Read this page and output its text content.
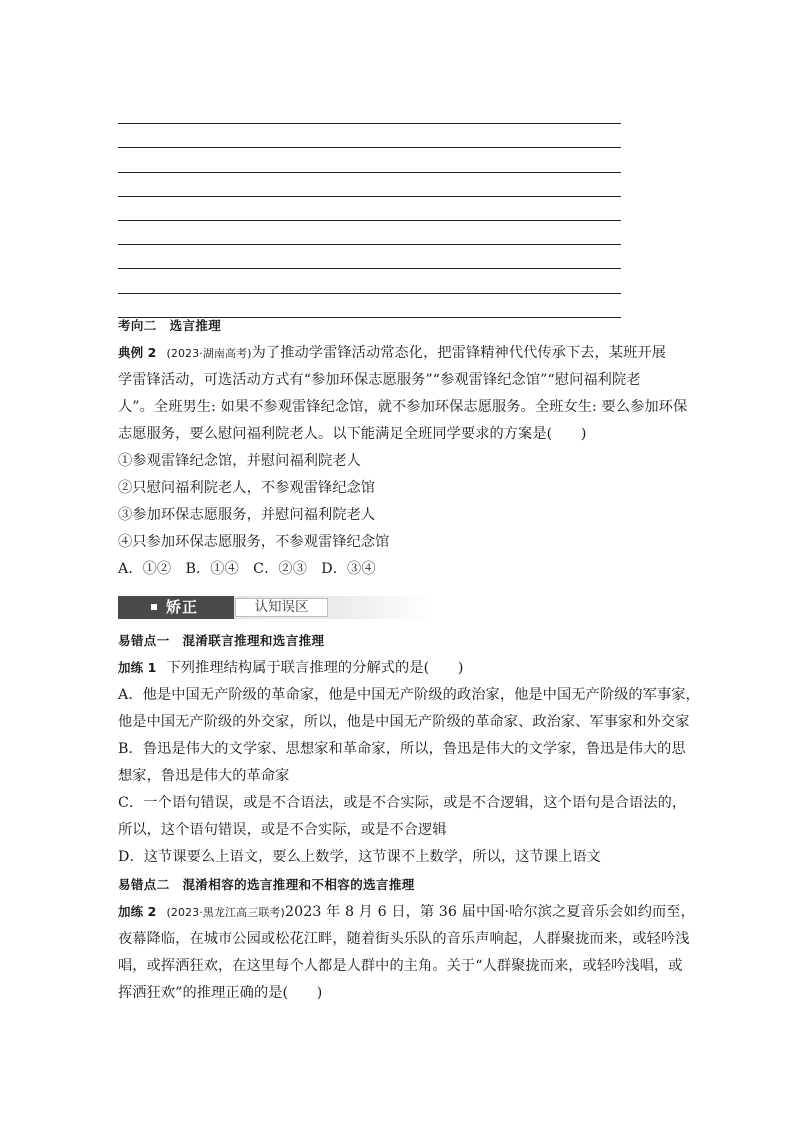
考向二　选言推理
典例 2 (2023·湖南高考)为了推动学雷锋活动常态化，把雷锋精神代代传承下去，某班开展
学雷锋活动，可选活动方式有“参加环保志愿服务”“参观雷锋纪念馆”“慰问福利院老
人”。全班男生: 如果不参观雷锋纪念馆，就不参加环保志愿服务。全班女生: 要么参加环保
志愿服务，要么慰问福利院老人。以下能满足全班同学要求的方案是(　　)
①参观雷锋纪念馆，并慰问福利院老人
②只慰问福利院老人，不参观雷锋纪念馆
③参加环保志愿服务，并慰问福利院老人
④只参加环保志愿服务，不参观雷锋纪念馆
A．①②　B．①④　C．②③　D．③④
矫正	认知误区
易错点一　混淆联言推理和选言推理
加练 1 下列推理结构属于联言推理的分解式的是(　　)
A．他是中国无产阶级的革命家，他是中国无产阶级的政治家，他是中国无产阶级的军事家，
他是中国无产阶级的外交家，所以，他是中国无产阶级的革命家、政治家、军事家和外交家
B．鲁迅是伟大的文学家、思想家和革命家，所以，鲁迅是伟大的文学家，鲁迅是伟大的思
想家，鲁迅是伟大的革命家
C．一个语句错误，或是不合语法，或是不合实际，或是不合逻辑，这个语句是合语法的，
所以，这个语句错误，或是不合实际，或是不合逻辑
D．这节课要么上语文，要么上数学，这节课不上数学，所以，这节课上语文
易错点二　混淆相容的选言推理和不相容的选言推理
加练 2 (2023·黑龙江高三联考)2023 年 8 月 6 日，第 36 届中国·哈尔滨之夏音乐会如约而至，
夜幕降临，在城市公园或松花江畔，随着街头乐队的音乐声响起，人群聚拢而来，或轻吟浅
唱，或挥洒狂欢，在这里每个人都是人群中的主角。关于“人群聚拢而来，或轻吟浅唱，或
挥洒狂欢”的推理正确的是(　　)
